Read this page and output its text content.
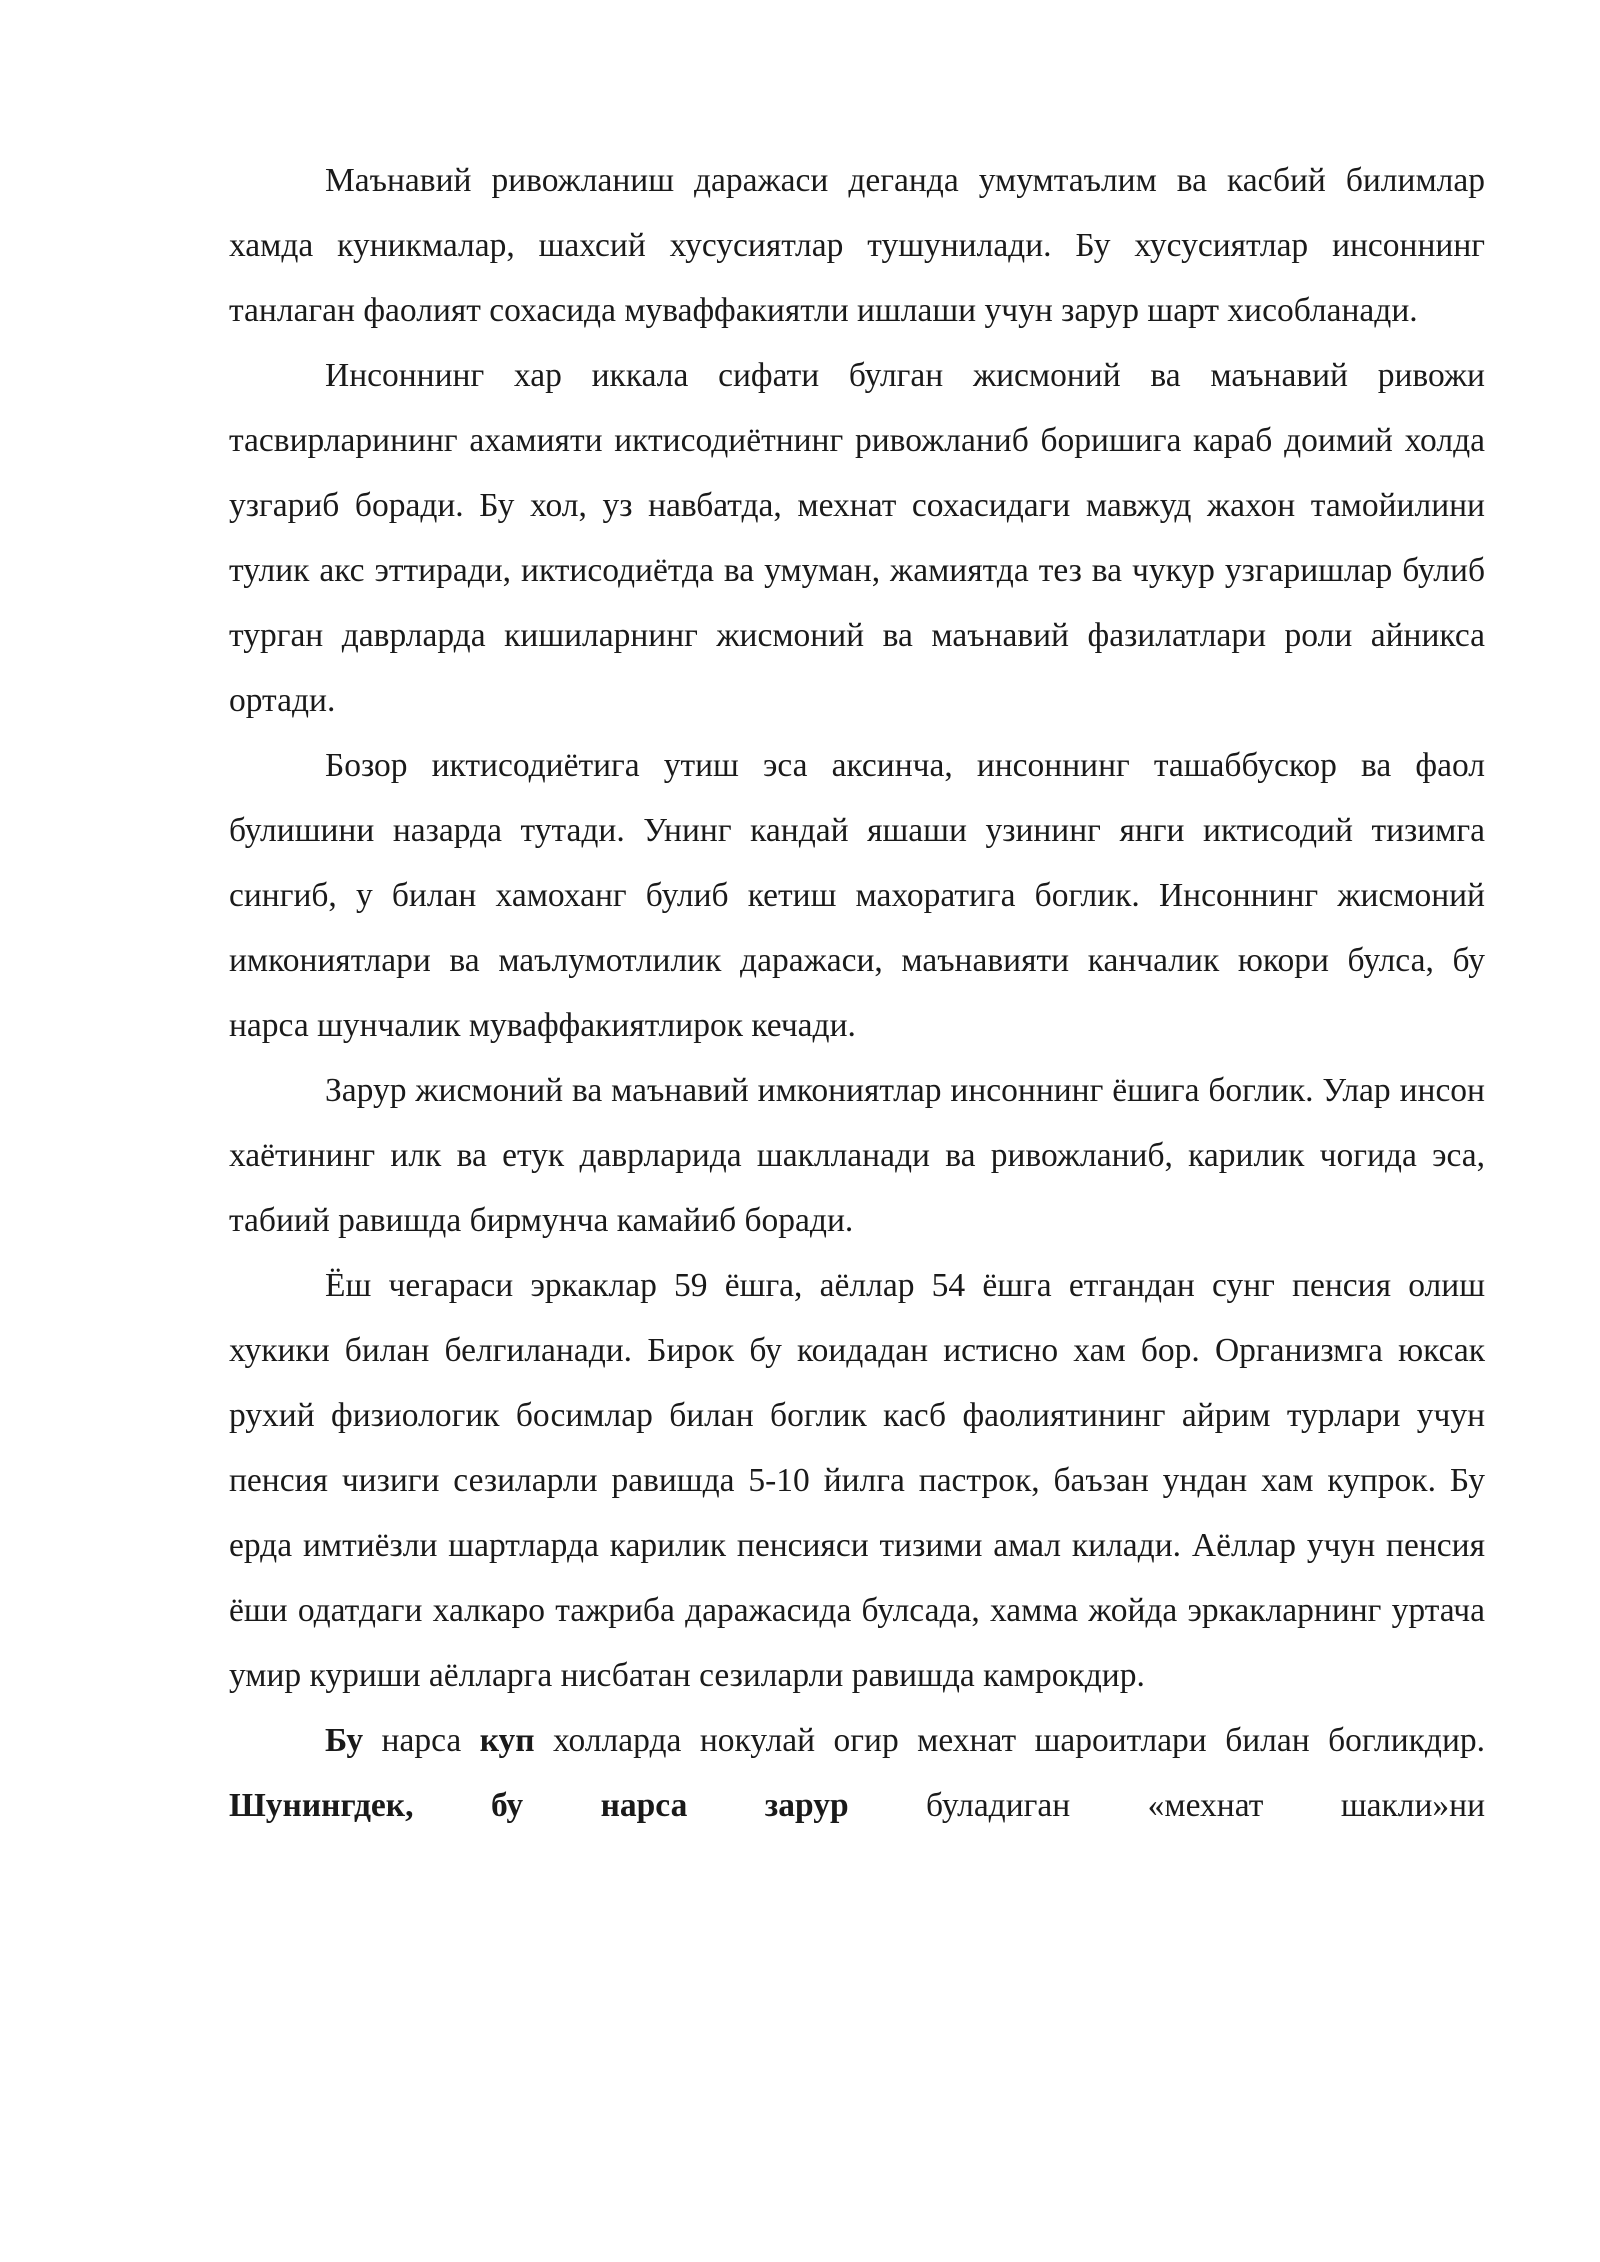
Маънавий ривожланиш даражаси деганда умумтаълим ва касбий билимлар хамда куникмалар, шахсий хусусиятлар тушунилади. Бу хусусиятлар инсоннинг танлаган фаолият сохасида муваффакиятли ишлаши учун зарур шарт хисобланади.

Инсоннинг хар иккала сифати булган жисмоний ва маънавий ривожи тасвирларининг ахамияти иктисодиётнинг ривожланиб боришига караб доимий холда узгариб боради. Бу хол, уз навбатда, мехнат сохасидаги мавжуд жахон тамойилини тулик акс эттиради, иктисодиётда ва умуман, жамиятда тез ва чукур узгаришлар булиб турган даврларда кишиларнинг жисмоний ва маънавий фазилатлари роли айникса ортади.

Бозор иктисодиётига утиш эса аксинча, инсоннинг ташаббускор ва фаол булишини назарда тутади. Унинг кандай яшаши узининг янги иктисодий тизимга сингиб, у билан хамоханг булиб кетиш махоратига боглик. Инсоннинг жисмоний имкониятлари ва маълумотлилик даражаси, маънавияти канчалик юкори булса, бу нарса шунчалик муваффакиятлирок кечади.

Зарур жисмоний ва маънавий имкониятлар инсоннинг ёшига боглик. Улар инсон хаётининг илк ва етук даврларида шаклланади ва ривожланиб, карилик чогида эса, табиий равишда бирмунча камайиб боради.

Ёш чегараси эркаклар 59 ёшга, аёллар 54 ёшга етгандан сунг пенсия олиш хукики билан белгиланади. Бирок бу коидадан истисно хам бор. Организмга юксак рухий физиологик босимлар билан боглик касб фаолиятининг айрим турлари учун пенсия чизиги сезиларли равишда 5-10 йилга пастрок, баъзан ундан хам купрок. Бу ерда имтиёзли шартларда карилик пенсияси тизими амал килади. Аёллар учун пенсия ёши одатдаги халкаро тажриба даражасида булсада, хамма жойда эркакларнинг уртача умир куриши аёлларга нисбатан сезиларли равишда камрокдир.

Бу нарса куп холларда нокулай огир мехнат шароитлари билан богликдир. Шунингдек, бу нарса зарур буладиган «мехнат шакли»ни
